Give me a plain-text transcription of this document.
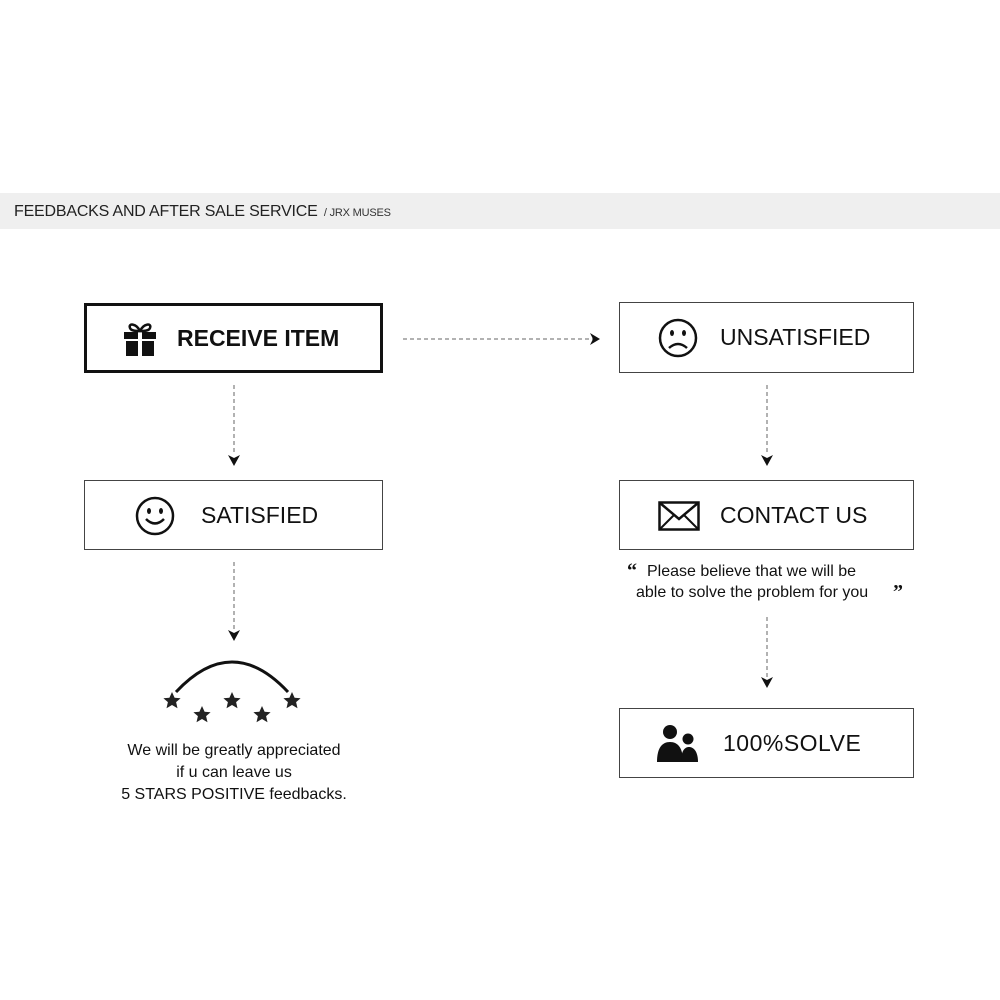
FEEDBACKS AND AFTER SALE SERVICE / JRX MUSES
RECEIVE ITEM	UNSATISFIED
SATISFIED	CONTACT US
“ Please believe that we will be
able to solve the problem for you ”
100%SOLVE
We will be greatly appreciated
if u can leave us
5 STARS POSITIVE feedbacks.
